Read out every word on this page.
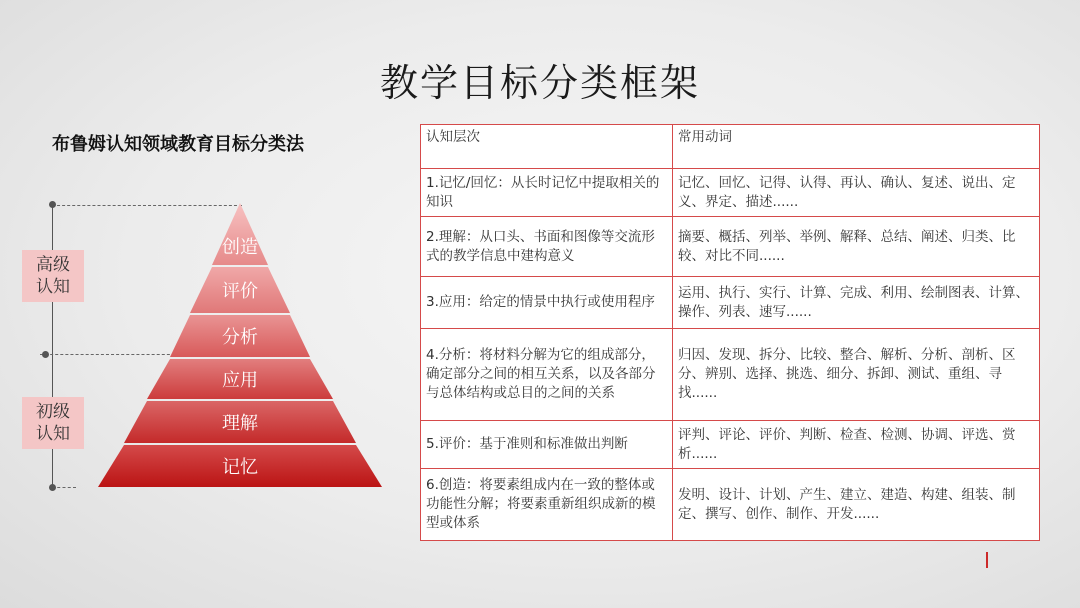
教学目标分类框架
布鲁姆认知领域教育目标分类法
高级
认知
初级
认知
创造
评价
分析
应用
理解
记忆
认知层次	常用动词
1.记忆/回忆：从长时记忆中提取相关的知识	记忆、回忆、记得、认得、再认、确认、复述、说出、定义、界定、描述......
2.理解：从口头、书面和图像等交流形式的教学信息中建构意义	摘要、概括、列举、举例、解释、总结、阐述、归类、比较、对比不同......
3.应用：给定的情景中执行或使用程序	运用、执行、实行、计算、完成、利用、绘制图表、计算、操作、列表、速写......
4.分析：将材料分解为它的组成部分，确定部分之间的相互关系，以及各部分与总体结构或总目的之间的关系	归因、发现、拆分、比较、整合、解析、分析、剖析、区分、辨别、选择、挑选、细分、拆卸、测试、重组、寻找......
5.评价：基于准则和标准做出判断	评判、评论、评价、判断、检查、检测、协调、评选、赏析......
6.创造：将要素组成内在一致的整体或功能性分解；将要素重新组织成新的模型或体系	发明、设计、计划、产生、建立、建造、构建、组装、制定、撰写、创作、制作、开发......
